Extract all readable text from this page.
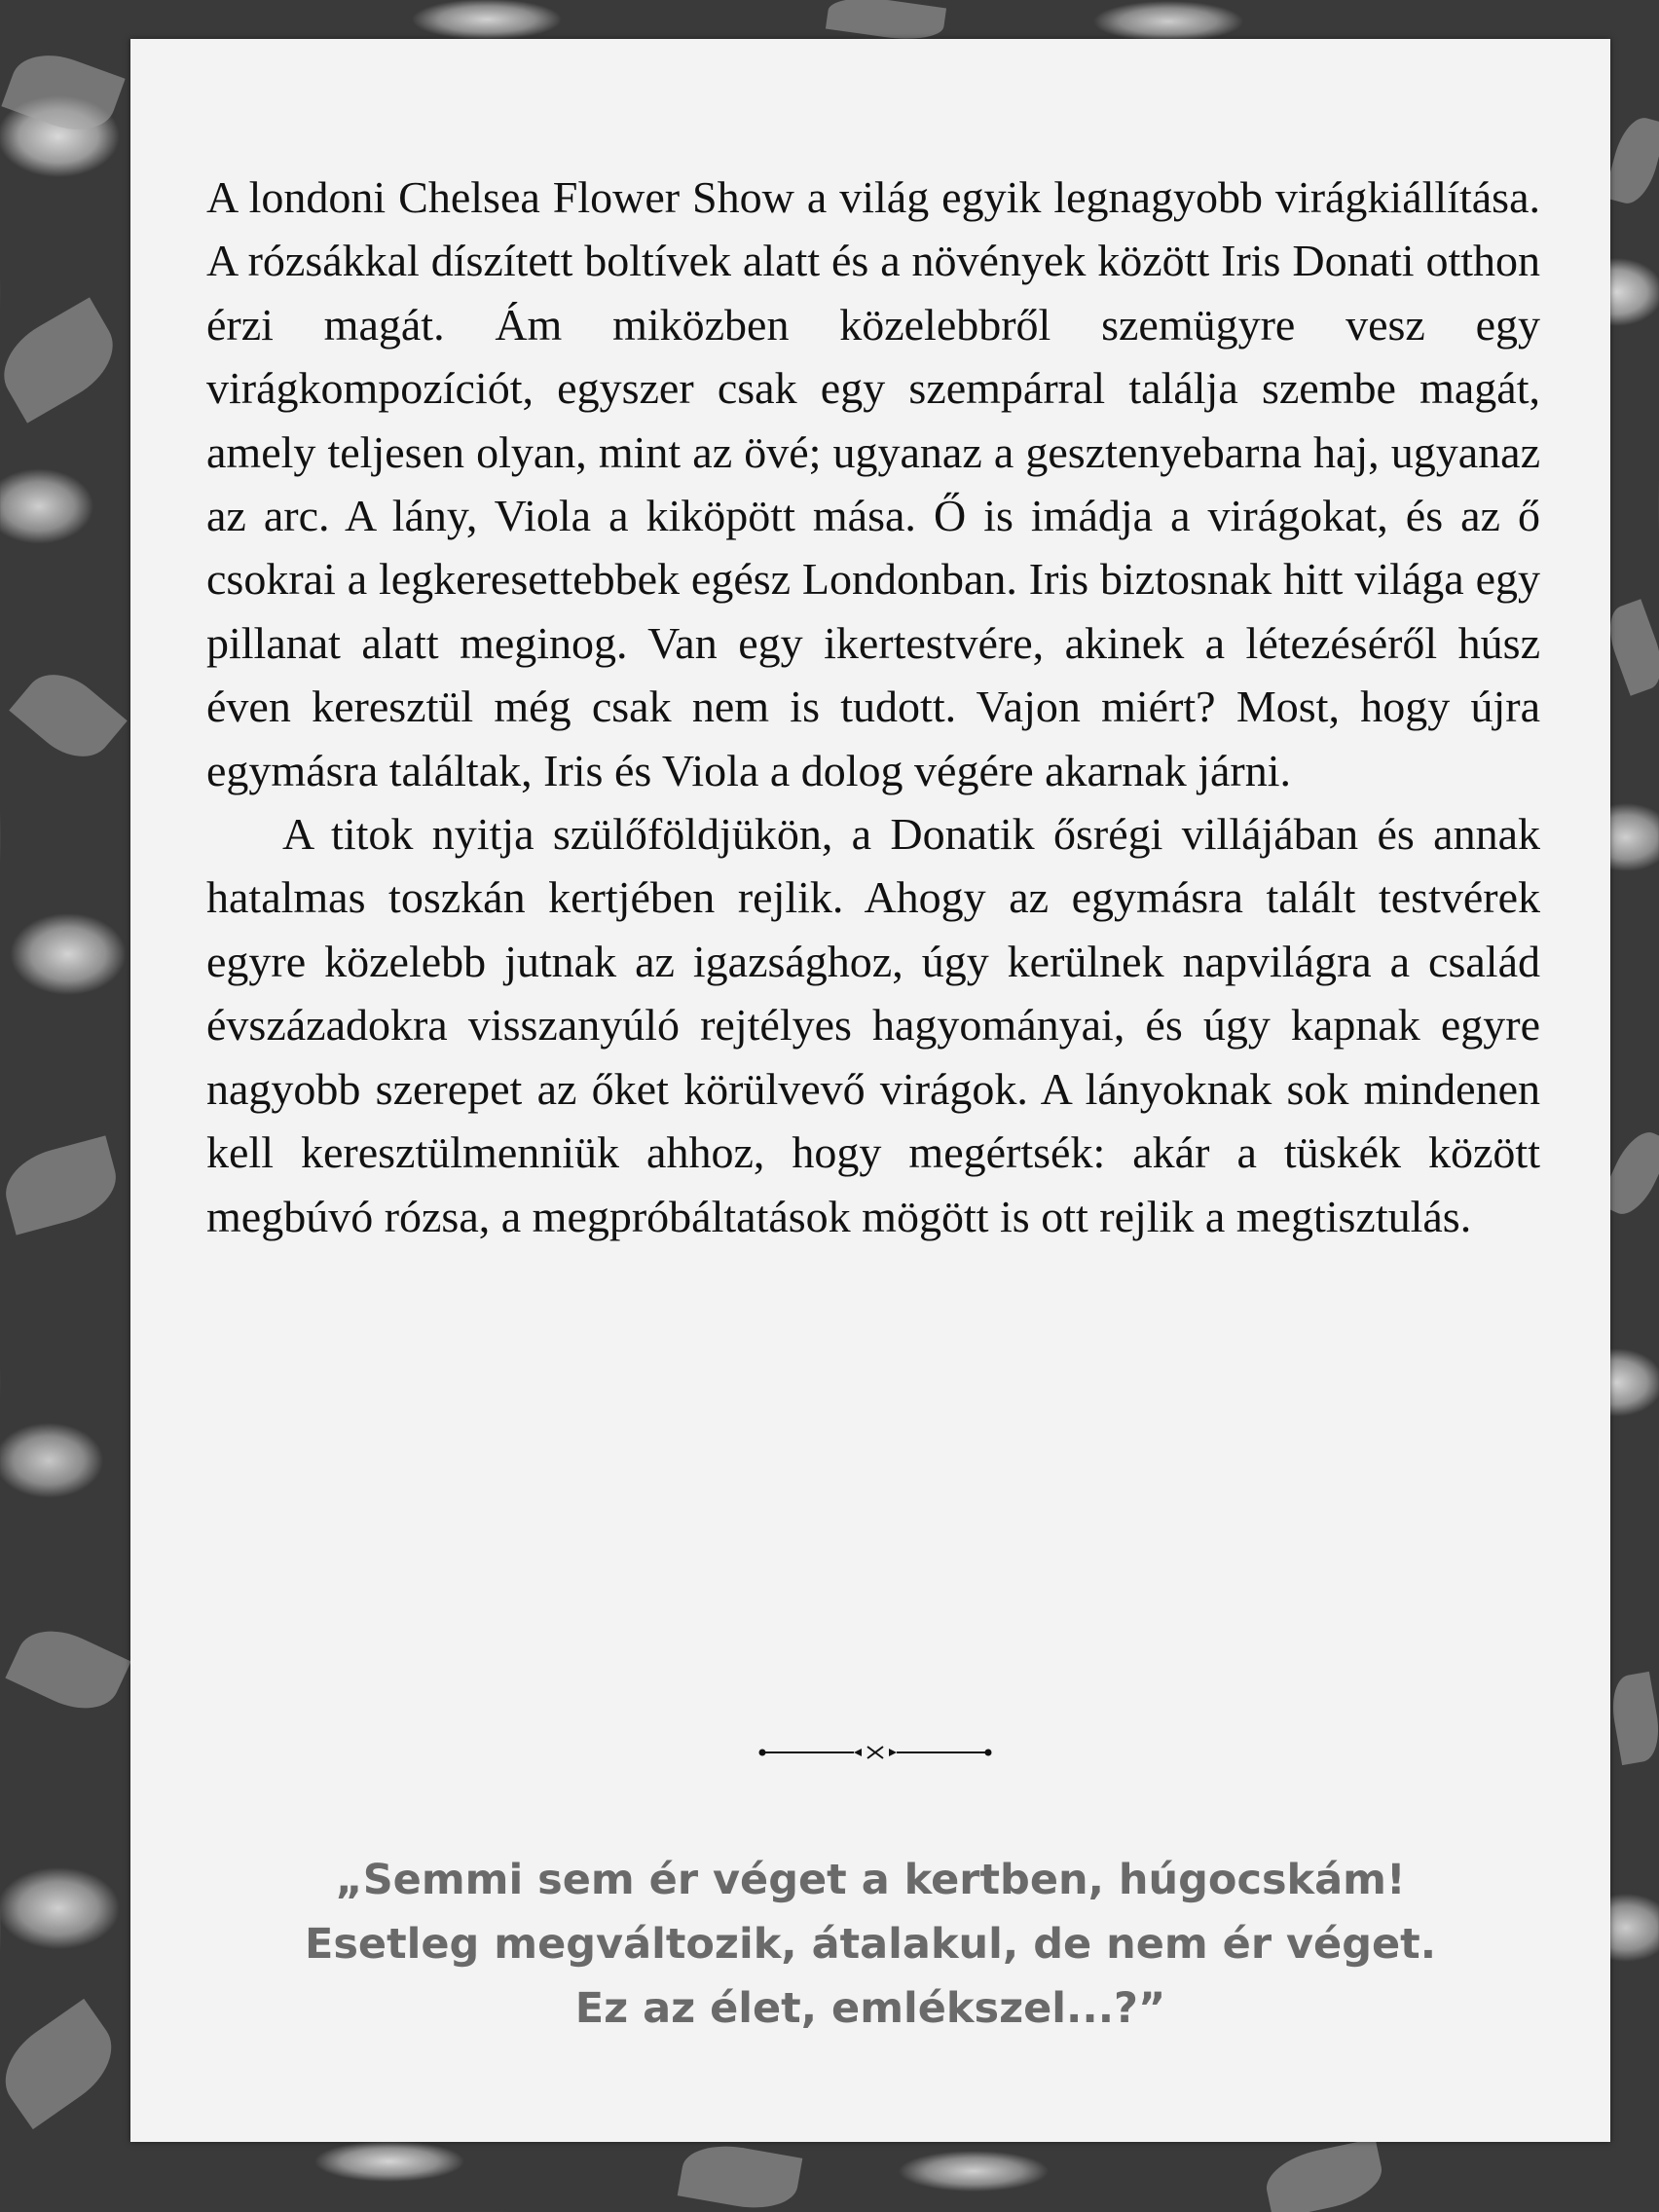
A londoni Chelsea Flower Show a világ egyik legnagyobb virágkiállítása. A rózsákkal díszített boltívek alatt és a növények között Iris Donati otthon érzi magát. Ám miközben közelebbről szemügyre vesz egy virágkompozíciót, egyszer csak egy szempárral találja szembe magát, amely teljesen olyan, mint az övé; ugyanaz a gesztenyebarna haj, ugyanaz az arc. A lány, Viola a kiköpött mása. Ő is imádja a virágokat, és az ő csokrai a legkeresettebbek egész Londonban. Iris biztosnak hitt világa egy pillanat alatt meginog. Van egy ikertestvére, akinek a létezéséről húsz éven keresztül még csak nem is tudott. Vajon miért? Most, hogy újra egymásra találtak, Iris és Viola a dolog végére akarnak járni.

A titok nyitja szülőföldjükön, a Donatik ősrégi villájában és annak hatalmas toszkán kertjében rejlik. Ahogy az egymásra talált testvérek egyre közelebb jutnak az igazsághoz, úgy kerülnek napvilágra a család évszázadokra visszanyúló rejtélyes hagyományai, és úgy kapnak egyre nagyobb szerepet az őket körülvevő virágok. A lányoknak sok mindenen kell keresztülmenniük ahhoz, hogy megértsék: akár a tüskék között megbúvó rózsa, a megpróbáltatások mögött is ott rejlik a megtisztulás.

„Semmi sem ér véget a kertben, húgocskám!
Esetleg megváltozik, átalakul, de nem ér véget.
Ez az élet, emlékszel...?”
